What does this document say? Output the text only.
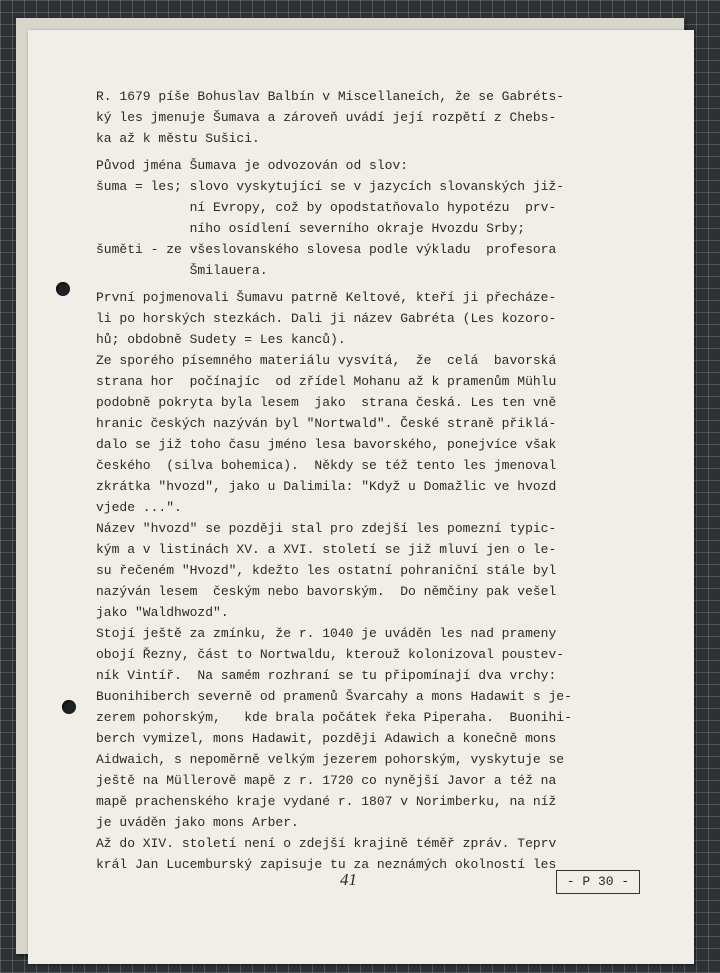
R. 1679 píše Bohuslav Balbín v Miscellaneích, že se Gabréts-
ký les jmenuje Šumava a zároveň uvádí její rozpětí z Chebs-
ka až k městu Sušici.
Původ jména Šumava je odvozován od slov:
šuma = les; slovo vyskytující se v jazycích slovanských již-
ní Evropy, což by opodstatňovalo hypotézu  prv-
ního osídlení severního okraje Hvozdu Srby;
šuměti - ze všeslovanského slovesa podle výkladu  profesora
Šmilauera.
První pojmenovali Šumavu patrně Keltové, kteří ji přecháze-
li po horských stezkách. Dali ji název Gabréta (Les kozoro-
hů; obdobně Sudety = Les kanců).
Ze sporého písemného materiálu vysvítá,  že  celá  bavorská
strana hor  počínajíc  od zřídel Mohanu až k pramenům Mühlu
podobně pokryta byla lesem  jako  strana česká. Les ten vně
hranic českých nazýván byl "Nortwald". České straně přiklá-
dalo se již toho času jméno lesa bavorského, ponejvíce však
českého  (silva bohemica).  Někdy se též tento les jmenoval
zkrátka "hvozd", jako u Dalimila: "Když u Domažlic ve hvozd
vjede ...".
Název "hvozd" se později stal pro zdejší les pomezní typic-
kým a v listinách XV. a XVI. století se již mluví jen o le-
su řečeném "Hvozd", kdežto les ostatní pohraniční stále byl
nazýván lesem  českým nebo bavorským.  Do němčiny pak vešel
jako "Waldhwozd".
Stojí ještě za zmínku, že r. 1040 je uváděn les nad prameny
obojí Řezny, část to Nortwaldu, kterouž kolonizoval poustev-
ník Vintíř.  Na samém rozhraní se tu připomínají dva vrchy:
Buonihiberch severně od pramenů Švarcahy a mons Hadawit s je-
zerem pohorským,   kde brala počátek řeka Piperaha.  Buonihi-
berch vymizel, mons Hadawit, později Adawich a konečně mons
Aidwaich, s nepoměrně velkým jezerem pohorským, vyskytuje se
ještě na Müllerově mapě z r. 1720 co nynější Javor a též na
mapě prachenského kraje vydané r. 1807 v Norimberku, na níž
je uváděn jako mons Arber.
Až do XIV. století není o zdejší krajině téměř zpráv. Teprv
král Jan Lucemburský zapisuje tu za neznámých okolností les
41	- P 30 -
